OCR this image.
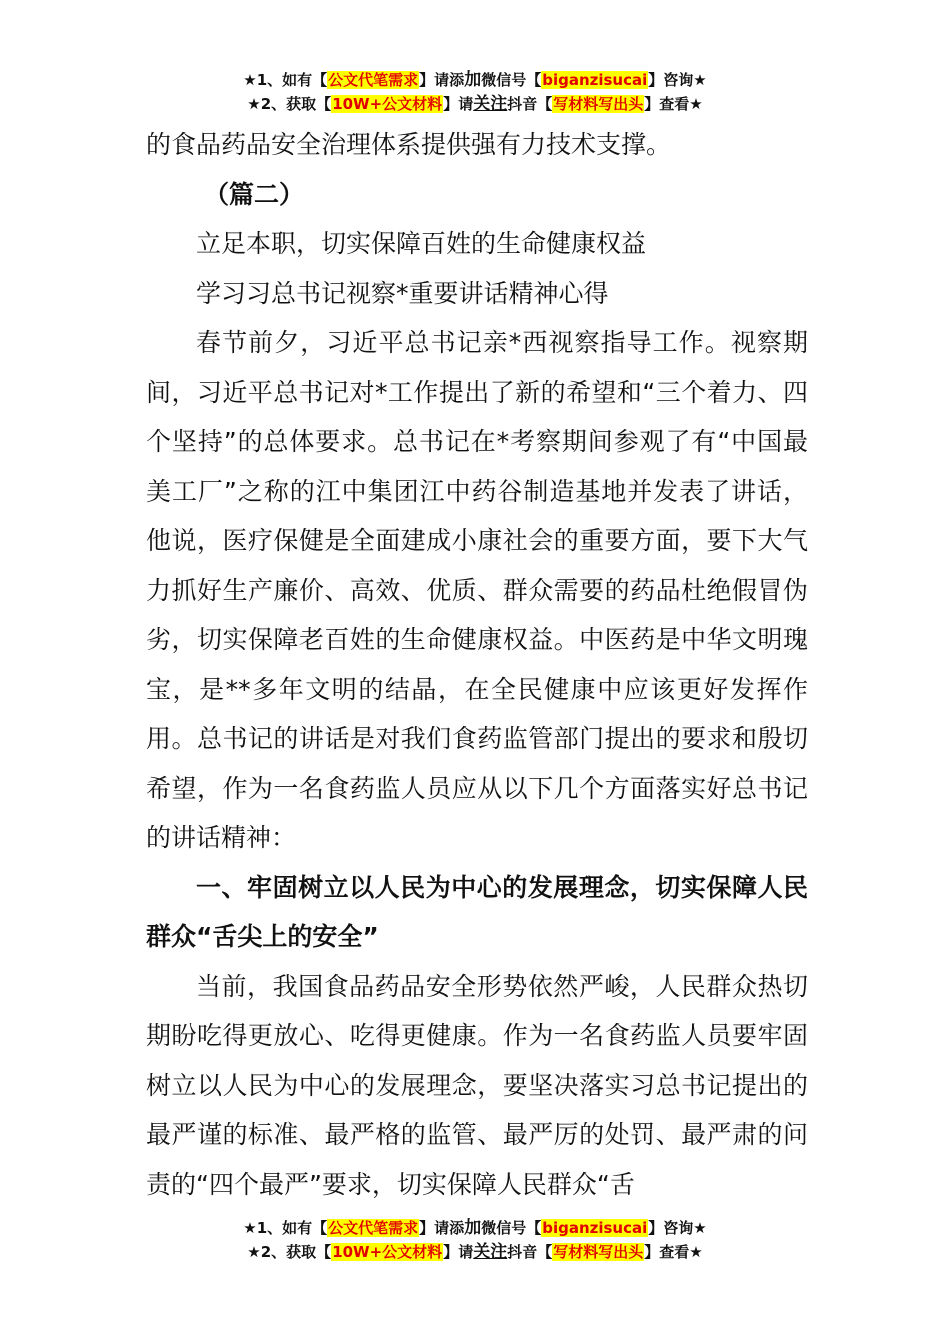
★1、如有【公文代笔需求】请添加微信号【biganzisucai】咨询★
★2、获取【10W+公文材料】请关注抖音【写材料写出头】查看★

的食品药品安全治理体系提供强有力技术支撑。

（篇二）

立足本职，切实保障百姓的生命健康权益

学习习总书记视察*重要讲话精神心得

春节前夕，习近平总书记亲*西视察指导工作。视察期间，习近平总书记对*工作提出了新的希望和“三个着力、四个坚持”的总体要求。总书记在*考察期间参观了有“中国最美工厂”之称的江中集团江中药谷制造基地并发表了讲话，他说，医疗保健是全面建成小康社会的重要方面，要下大气力抓好生产廉价、高效、优质、群众需要的药品杜绝假冒伪劣，切实保障老百姓的生命健康权益。中医药是中华文明瑰宝，是**多年文明的结晶，在全民健康中应该更好发挥作用。总书记的讲话是对我们食药监管部门提出的要求和殷切希望，作为一名食药监人员应从以下几个方面落实好总书记的讲话精神：

一、牢固树立以人民为中心的发展理念，切实保障人民群众“舌尖上的安全”

当前，我国食品药品安全形势依然严峻，人民群众热切期盼吃得更放心、吃得更健康。作为一名食药监人员要牢固树立以人民为中心的发展理念，要坚决落实习总书记提出的最严谨的标准、最严格的监管、最严厉的处罚、最严肃的问责的“四个最严”要求，切实保障人民群众“舌

★1、如有【公文代笔需求】请添加微信号【biganzisucai】咨询★
★2、获取【10W+公文材料】请关注抖音【写材料写出头】查看★
